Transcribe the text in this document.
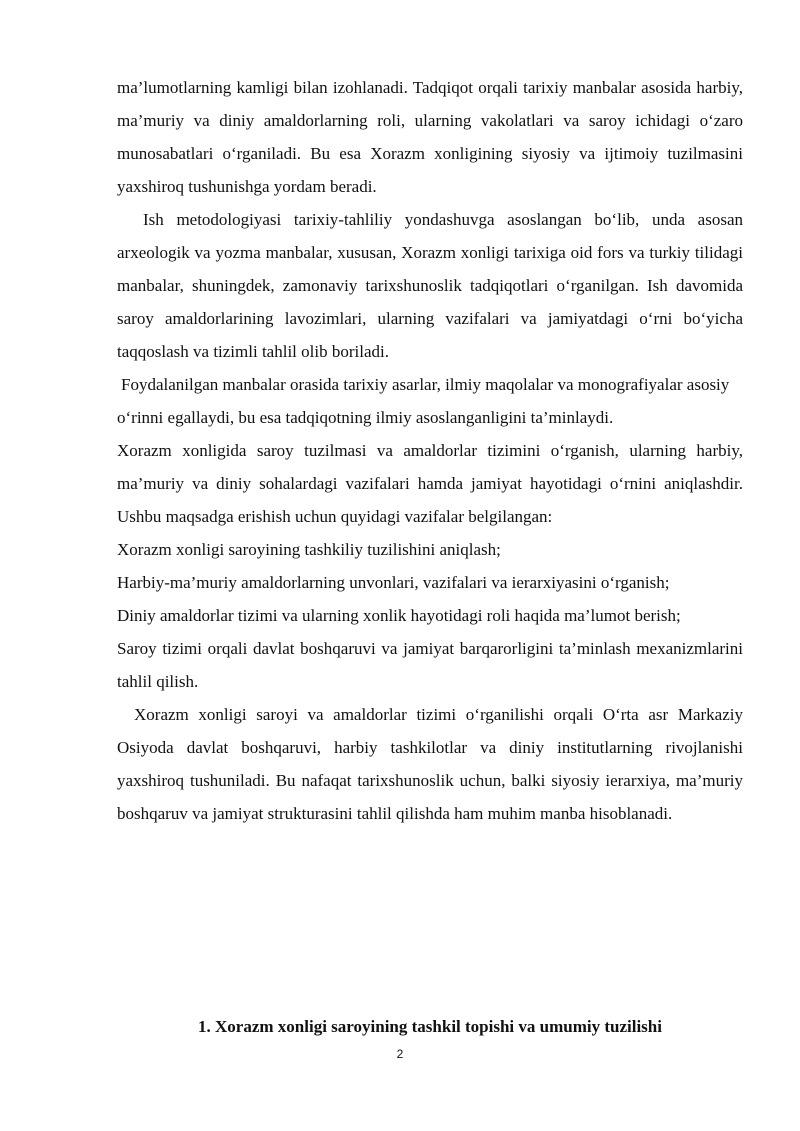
ma’lumotlarning kamligi bilan izohlanadi. Tadqiqot orqali tarixiy manbalar asosida harbiy, ma’muriy va diniy amaldorlarning roli, ularning vakolatlari va saroy ichidagi o‘zaro munosabatlari o‘rganiladi. Bu esa Xorazm xonligining siyosiy va ijtimoiy tuzilmasini yaxshiroq tushunishga yordam beradi.

Ish metodologiyasi tarixiy-tahliliy yondashuvga asoslangan bo‘lib, unda asosan arxeologik va yozma manbalar, xususan, Xorazm xonligi tarixiga oid fors va turkiy tilidagi manbalar, shuningdek, zamonaviy tarixshunoslik tadqiqotlari o‘rganilgan. Ish davomida saroy amaldorlarining lavozimlari, ularning vazifalari va jamiyatdagi o‘rni bo‘yicha taqqoslash va tizimli tahlil olib boriladi.

Foydalanilgan manbalar orasida tarixiy asarlar, ilmiy maqolalar va monografiyalar asosiy o‘rinni egallaydi, bu esa tadqiqotning ilmiy asoslanganligini ta’minlaydi.

Xorazm xonligida saroy tuzilmasi va amaldorlar tizimini o‘rganish, ularning harbiy, ma’muriy va diniy sohalardagi vazifalari hamda jamiyat hayotidagi o‘rnini aniqlashdir. Ushbu maqsadga erishish uchun quyidagi vazifalar belgilangan:

Xorazm xonligi saroyining tashkiliy tuzilishini aniqlash;

Harbiy-ma’muriy amaldorlarning unvonlari, vazifalari va ierarxiyasini o‘rganish;

Diniy amaldorlar tizimi va ularning xonlik hayotidagi roli haqida ma’lumot berish;

Saroy tizimi orqali davlat boshqaruvi va jamiyat barqarorligini ta’minlash mexanizmlarini tahlil qilish.

Xorazm xonligi saroyi va amaldorlar tizimi o‘rganilishi orqali O‘rta asr Markaziy Osiyoda davlat boshqaruvi, harbiy tashkilotlar va diniy institutlarning rivojlanishi yaxshiroq tushuniladi. Bu nafaqat tarixshunoslik uchun, balki siyosiy ierarxiya, ma’muriy boshqaruv va jamiyat strukturasini tahlil qilishda ham muhim manba hisoblanadi.

1. Xorazm xonligi saroyining tashkil topishi va umumiy tuzilishi
2
